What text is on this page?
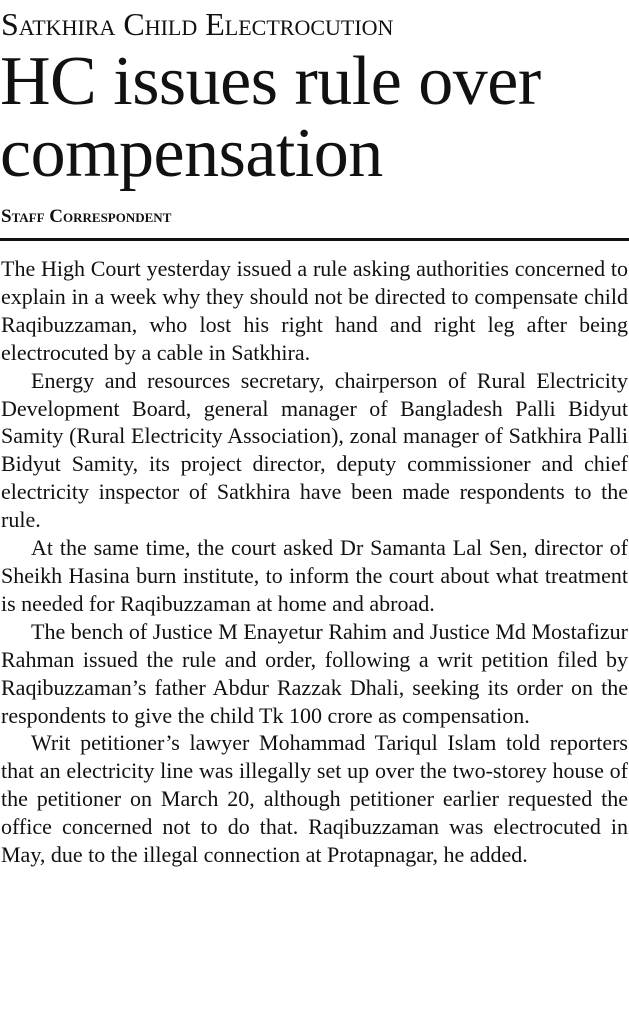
Satkhira Child Electrocution
HC issues rule over
compensation
Staff Correspondent

The High Court yesterday issued a rule asking authorities concerned to explain in a week why they should not be directed to compensate child Raqibuzzaman, who lost his right hand and right leg after being electrocuted by a cable in Satkhira.

Energy and resources secretary, chairperson of Rural Electricity Development Board, general manager of Bangladesh Palli Bidyut Samity (Rural Electricity Association), zonal manager of Satkhira Palli Bidyut Samity, its project director, deputy commissioner and chief electricity inspector of Satkhira have been made respondents to the rule.

At the same time, the court asked Dr Samanta Lal Sen, director of Sheikh Hasina burn institute, to inform the court about what treatment is needed for Raqibuzzaman at home and abroad.

The bench of Justice M Enayetur Rahim and Justice Md Mostafizur Rahman issued the rule and order, following a writ petition filed by Raqibuzzaman’s father Abdur Razzak Dhali, seeking its order on the respondents to give the child Tk 100 crore as compensation.

Writ petitioner’s lawyer Mohammad Tariqul Islam told reporters that an electricity line was illegally set up over the two-storey house of the petitioner on March 20, although petitioner earlier requested the office concerned not to do that. Raqibuzzaman was electrocuted in May, due to the illegal connection at Protapnagar, he added.
